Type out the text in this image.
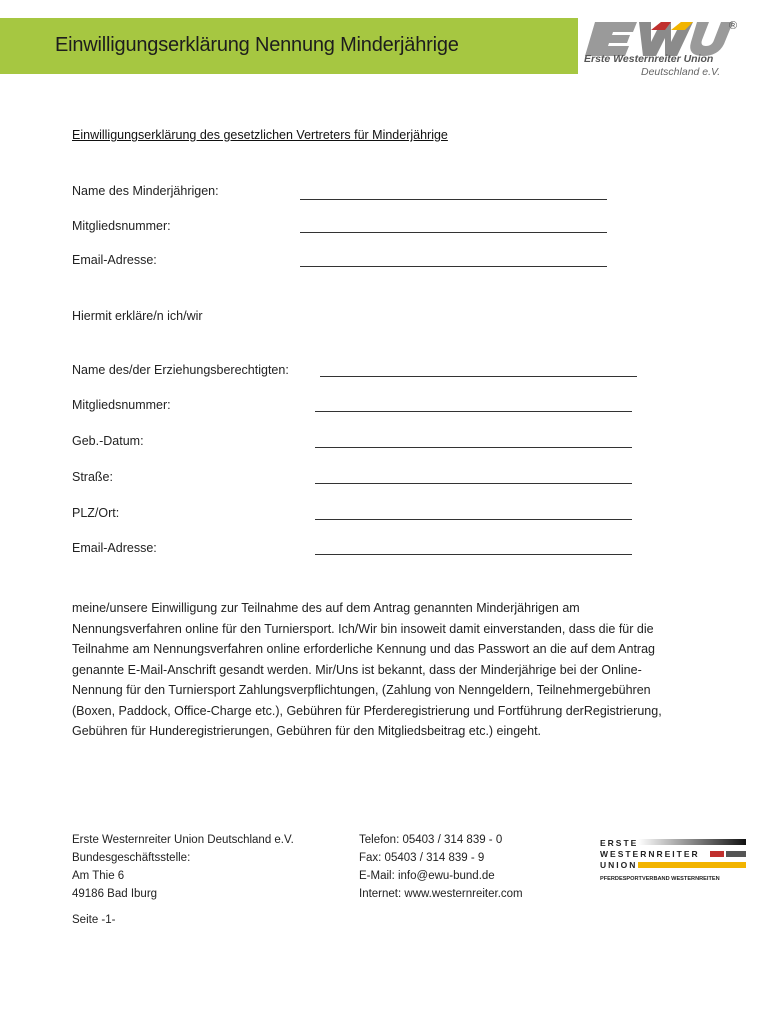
Einwilligungserklärung Nennung Minderjährige
®
Erste Westernreiter Union
Deutschland e.V.
Einwilligungserklärung des gesetzlichen Vertreters für Minderjährige
Name des Minderjährigen:
Mitgliedsnummer:
Email-Adresse:
Hiermit erkläre/n ich/wir
Name des/der Erziehungsberechtigten:
Mitgliedsnummer:
Geb.-Datum:
Straße:
PLZ/Ort:
Email-Adresse:
meine/unsere Einwilligung zur Teilnahme des auf dem Antrag genannten Minderjährigen am Nennungsverfahren online für den Turniersport. Ich/Wir bin insoweit damit einverstanden, dass die für die Teilnahme am Nennungsverfahren online erforderliche Kennung und das Passwort an die auf dem Antrag genannte E-Mail-Anschrift gesandt werden. Mir/Uns ist bekannt, dass der Minderjährige bei der Online-Nennung für den Turniersport Zahlungsverpflichtungen, (Zahlung von Nenngeldern, Teilnehmergebühren (Boxen, Paddock, Office-Charge etc.), Gebühren für Pferderegistrierung und Fortführung derRegistrierung, Gebühren für Hunderegistrierungen, Gebühren für den Mitgliedsbeitrag etc.) eingeht.
Erste Westernreiter Union Deutschland e.V.
Bundesgeschäftsstelle:
Am Thie 6
49186 Bad Iburg
Telefon: 05403 / 314 839 - 0
Fax: 05403 / 314 839 - 9
E-Mail: info@ewu-bund.de
Internet: www.westernreiter.com
ERSTE
WESTERNREITER
UNION
PFERDESPORTVERBAND WESTERNREITEN
Seite -1-
